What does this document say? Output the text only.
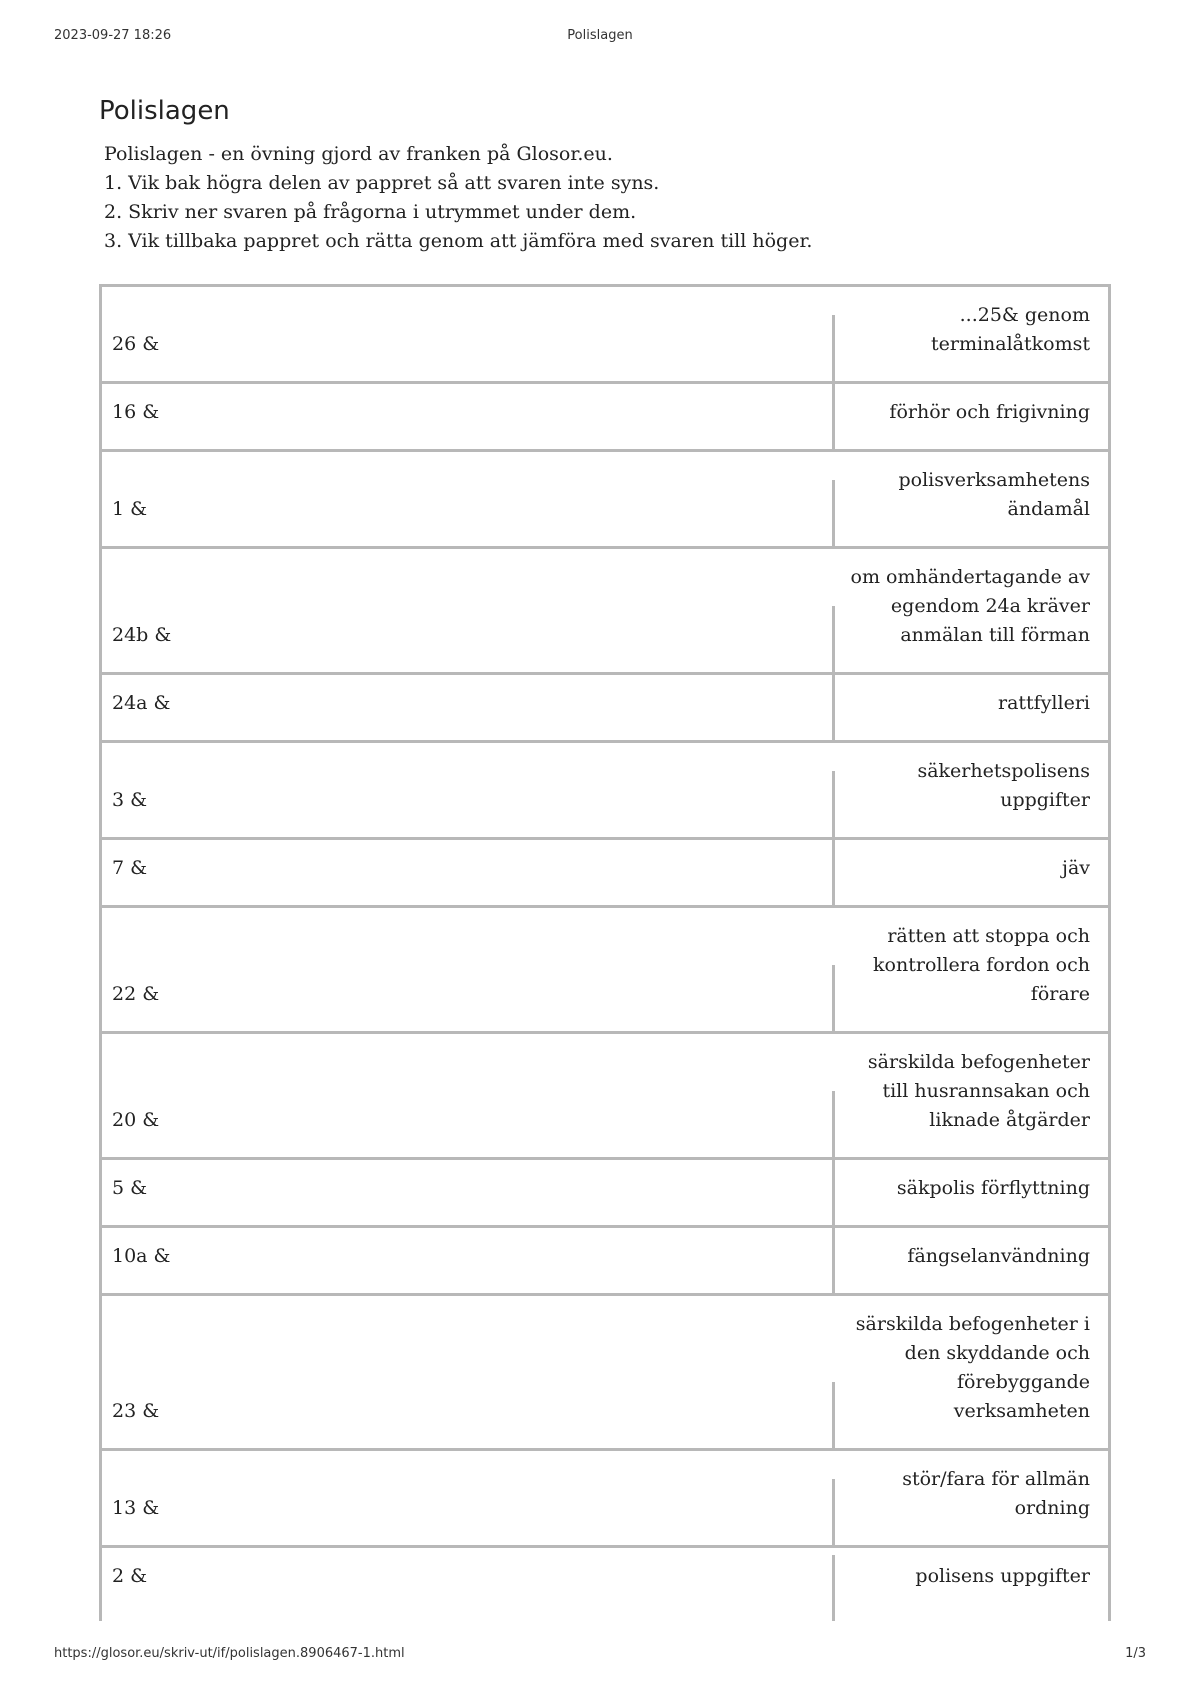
2023-09-27 18:26	Polislagen
Polislagen
Polislagen - en övning gjord av franken på Glosor.eu.
1. Vik bak högra delen av pappret så att svaren inte syns.
2. Skriv ner svaren på frågorna i utrymmet under dem.
3. Vik tillbaka pappret och rätta genom att jämföra med svaren till höger.
26 &	...25& genom terminalåtkomst
16 &	förhör och frigivning
1 &	polisverksamhetens ändamål
24b &	om omhändertagande av egendom 24a kräver anmälan till förman
24a &	rattfylleri
3 &	säkerhetspolisens uppgifter
7 &	jäv
22 &	rätten att stoppa och kontrollera fordon och förare
20 &	särskilda befogenheter till husrannsakan och liknade åtgärder
5 &	säkpolis förflyttning
10a &	fängselanvändning
23 &	särskilda befogenheter i den skyddande och förebyggande verksamheten
13 &	stör/fara för allmän ordning
2 &	polisens uppgifter
https://glosor.eu/skriv-ut/if/polislagen.8906467-1.html	1/3
